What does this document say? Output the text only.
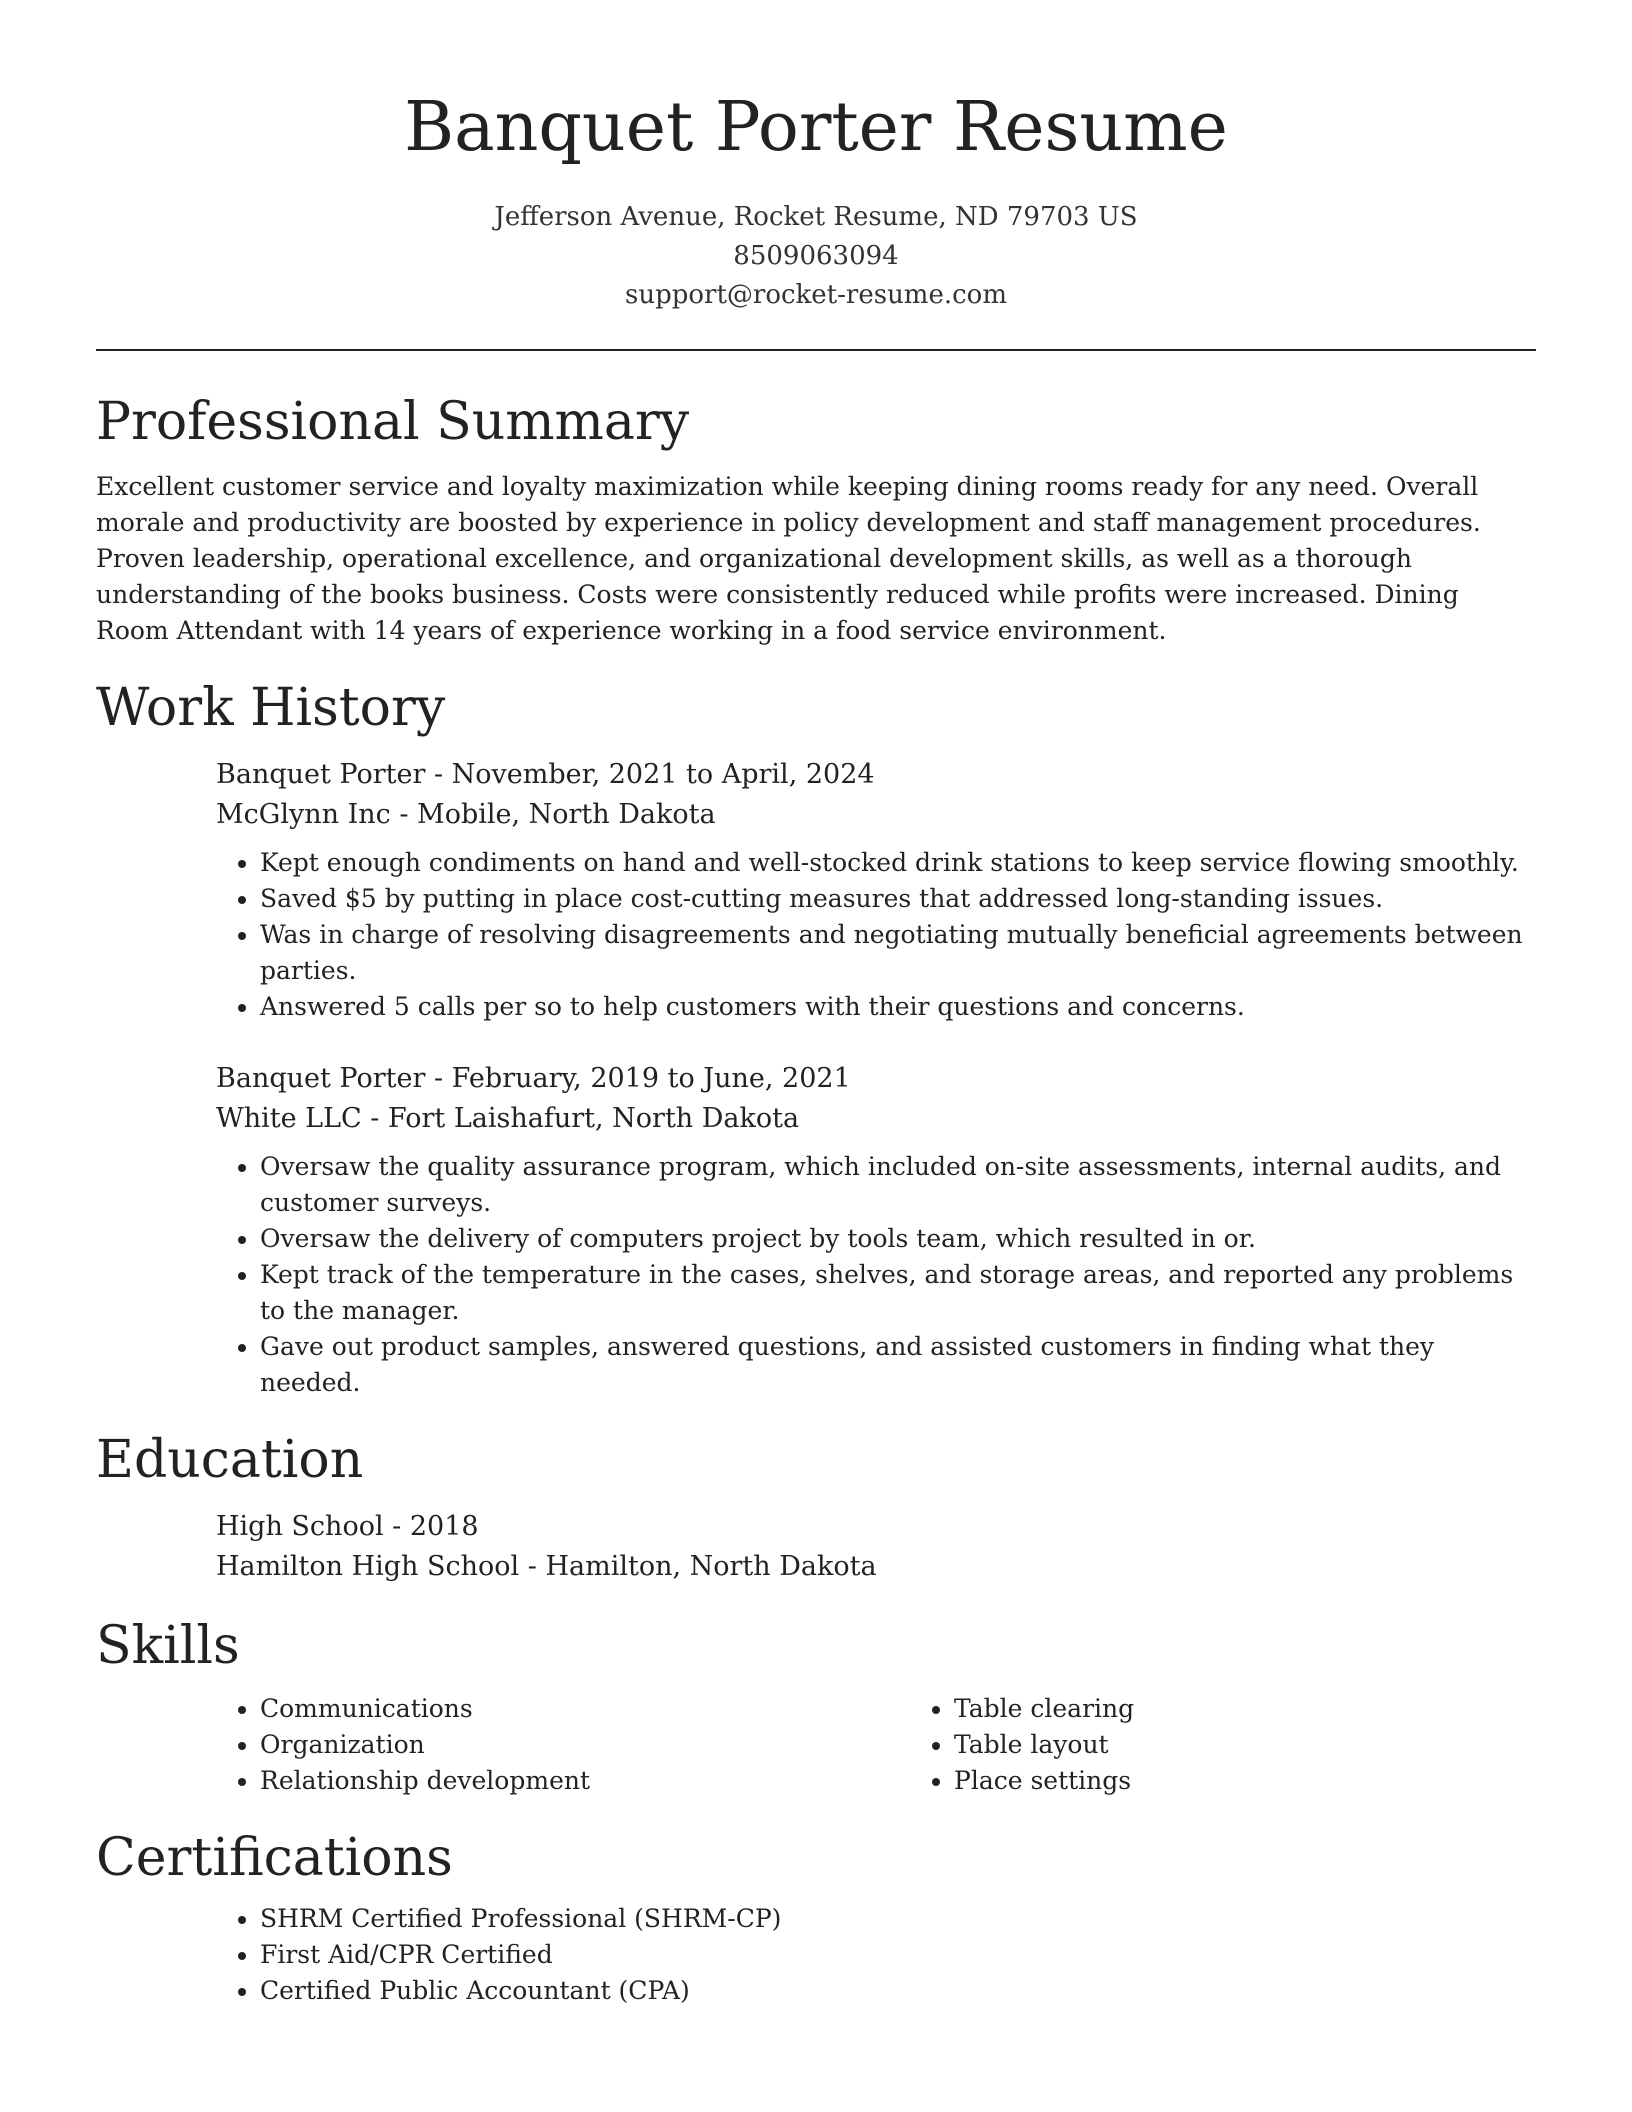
Banquet Porter Resume
Jefferson Avenue, Rocket Resume, ND 79703 US
8509063094
support@rocket-resume.com
Professional Summary

Excellent customer service and loyalty maximization while keeping dining rooms ready for any need. Overall morale and productivity are boosted by experience in policy development and staff management procedures. Proven leadership, operational excellence, and organizational development skills, as well as a thorough understanding of the books business. Costs were consistently reduced while profits were increased. Dining Room Attendant with 14 years of experience working in a food service environment.

Work History
Banquet Porter - November, 2021 to April, 2024
McGlynn Inc - Mobile, North Dakota
• Kept enough condiments on hand and well-stocked drink stations to keep service flowing smoothly.
• Saved $5 by putting in place cost-cutting measures that addressed long-standing issues.
• Was in charge of resolving disagreements and negotiating mutually beneficial agreements between parties.
• Answered 5 calls per so to help customers with their questions and concerns.
Banquet Porter - February, 2019 to June, 2021
White LLC - Fort Laishafurt, North Dakota
• Oversaw the quality assurance program, which included on-site assessments, internal audits, and customer surveys.
• Oversaw the delivery of computers project by tools team, which resulted in or.
• Kept track of the temperature in the cases, shelves, and storage areas, and reported any problems to the manager.
• Gave out product samples, answered questions, and assisted customers in finding what they needed.
Education
High School - 2018
Hamilton High School - Hamilton, North Dakota
Skills
• Communications
• Organization
• Relationship development
• Table clearing
• Table layout
• Place settings
Certifications
• SHRM Certified Professional (SHRM-CP)
• First Aid/CPR Certified
• Certified Public Accountant (CPA)
